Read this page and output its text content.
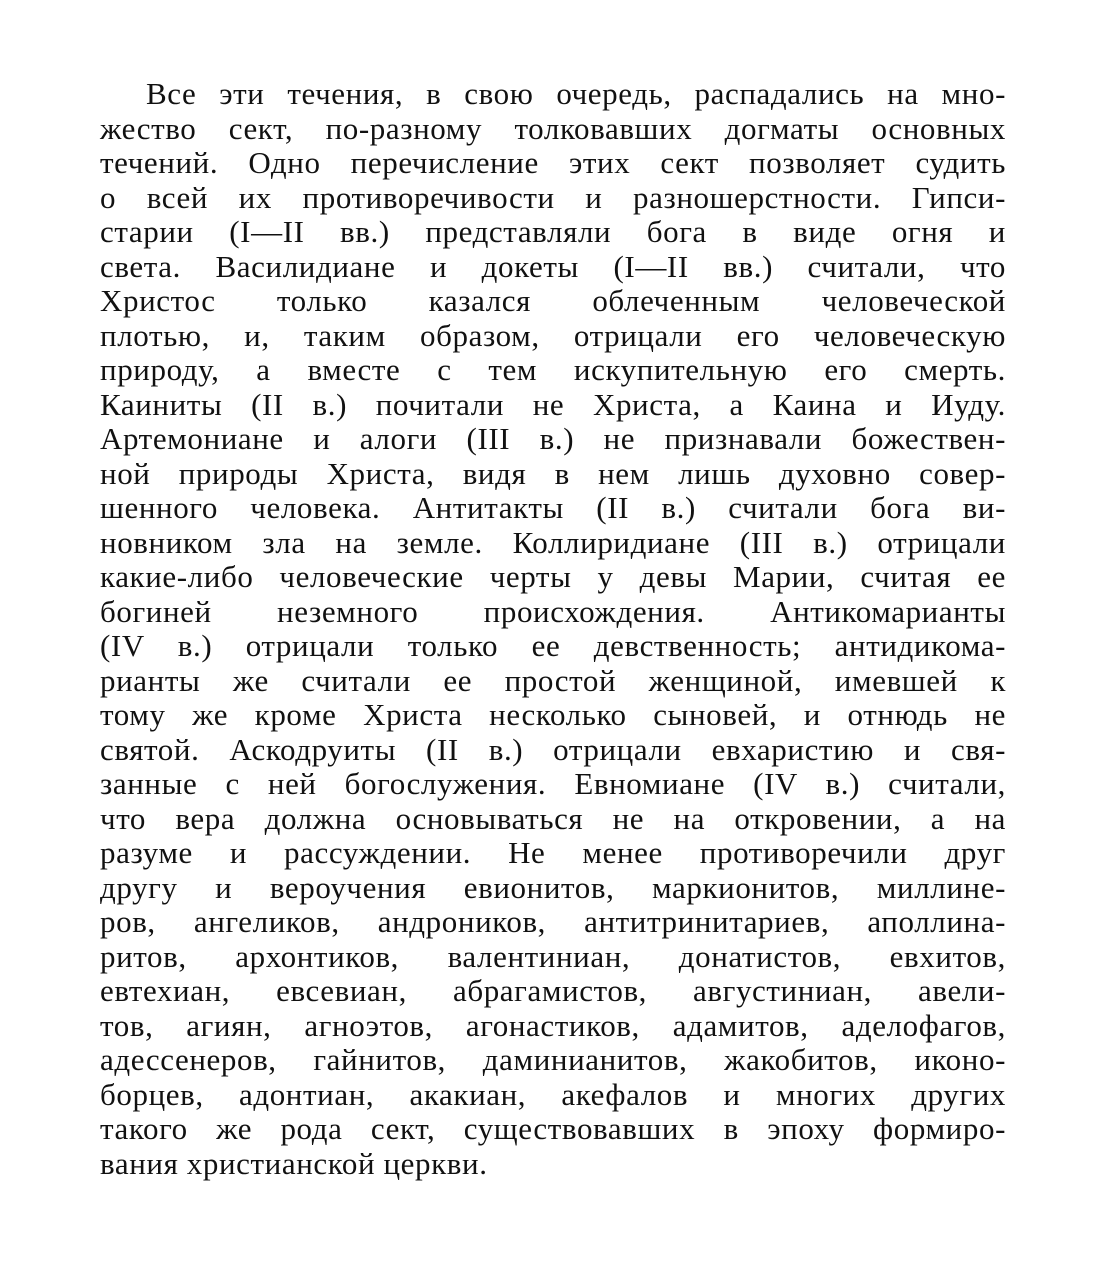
Все эти течения, в свою очередь, распадались на мно-
жество сект, по-разному толковавших догматы основных
течений. Одно перечисление этих сект позволяет судить
о всей их противоречивости и разношерстности. Гипси-
старии (I—II вв.) представляли бога в виде огня и
света. Василидиане и докеты (I—II вв.) считали, что
Христос только казался облеченным человеческой
плотью, и, таким образом, отрицали его человеческую
природу, а вместе с тем искупительную его смерть.
Каиниты (II в.) почитали не Христа, а Каина и Иуду.
Артемониане и алоги (III в.) не признавали божествен-
ной природы Христа, видя в нем лишь духовно совер-
шенного человека. Антитакты (II в.) считали бога ви-
новником зла на земле. Коллиридиане (III в.) отрицали
какие-либо человеческие черты у девы Марии, считая ее
богиней неземного происхождения. Антикомарианты
(IV в.) отрицали только ее девственность; антидикома-
рианты же считали ее простой женщиной, имевшей к
тому же кроме Христа несколько сыновей, и отнюдь не
святой. Аскодруиты (II в.) отрицали евхаристию и свя-
занные с ней богослужения. Евномиане (IV в.) считали,
что вера должна основываться не на откровении, а на
разуме и рассуждении. Не менее противоречили друг
другу и вероучения евионитов, маркионитов, миллине-
ров, ангеликов, андроников, антитринитариев, аполлина-
ритов, архонтиков, валентиниан, донатистов, евхитов,
евтехиан, евсевиан, абрагамистов, августиниан, авели-
тов, агиян, агноэтов, агонастиков, адамитов, аделофагов,
адессенеров, гайнитов, даминианитов, жакобитов, иконо-
борцев, адонтиан, акакиан, акефалов и многих других
такого же рода сект, существовавших в эпоху формиро-
вания христианской церкви.
